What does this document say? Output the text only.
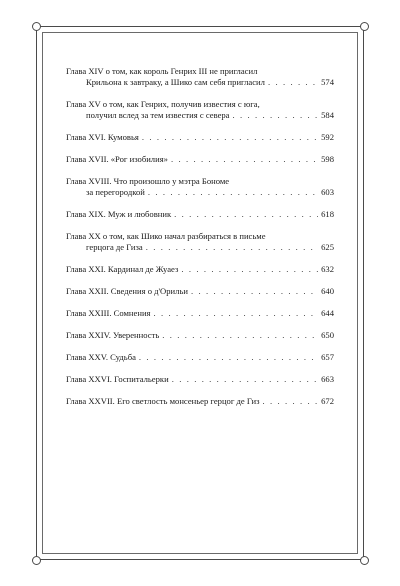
Глава XIV о том, как король Генрих III не пригласил
Крильона к завтраку, а Шико сам себя пригласил . . .	574
Глава XV о том, как Генрих, получив известия с юга,
получил вслед за тем известия с севера . . .	584
Глава XVI. Кумовья . . .	592
Глава XVII. «Рог изобилия» . . .	598
Глава XVIII. Что произошло у мэтра Бономе
за перегородкой . . .	603
Глава XIX. Муж и любовник . . .	618
Глава XX о том, как Шико начал разбираться в письме
герцога де Гиза . . .	625
Глава XXI. Кардинал де Жуаез . . .	632
Глава XXII. Сведения о д'Орильи . . .	640
Глава XXIII. Сомнения . . .	644
Глава XXIV. Уверенность . . .	650
Глава XXV. Судьба . . .	657
Глава XXVI. Госпитальерки . . .	663
Глава XXVII. Его светлость монсеньер герцог де Гиз . . .	672
